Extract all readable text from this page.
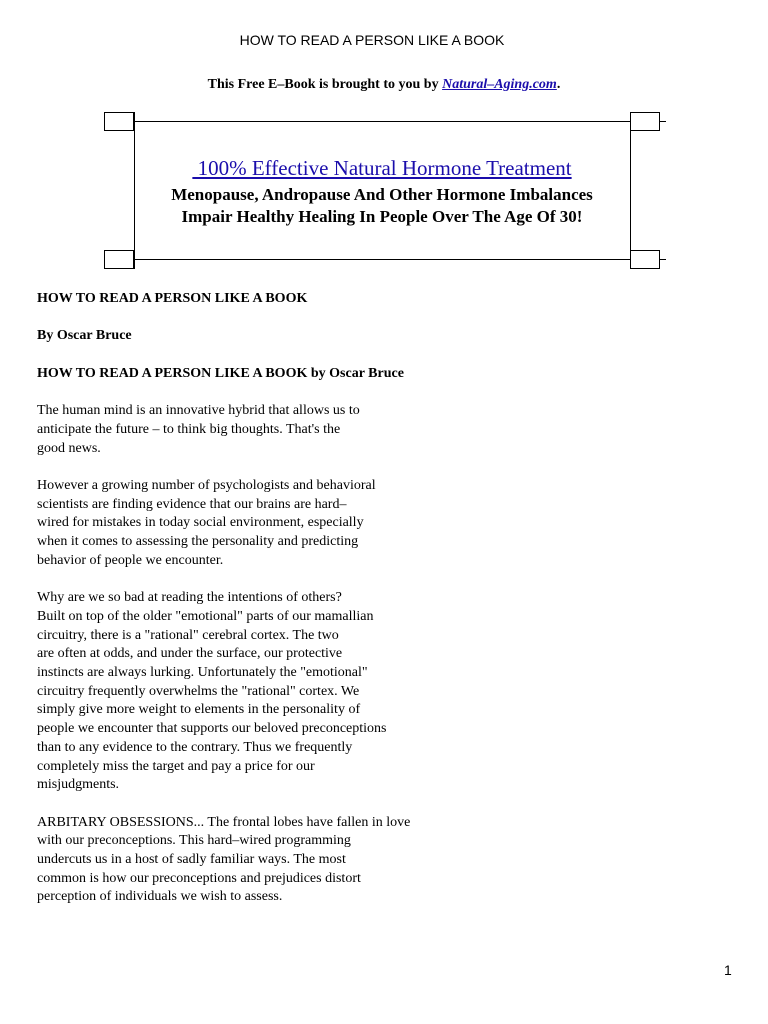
HOW TO READ A PERSON LIKE A BOOK
This Free E–Book is brought to you by Natural–Aging.com.
100% Effective Natural Hormone Treatment
Menopause, Andropause And Other Hormone Imbalances
Impair Healthy Healing In People Over The Age Of 30!
HOW TO READ A PERSON LIKE A BOOK
By Oscar Bruce
HOW TO READ A PERSON LIKE A BOOK by Oscar Bruce
The human mind is an innovative hybrid that allows us to
anticipate the future – to think big thoughts. That's the
good news.
However a growing number of psychologists and behavioral
scientists are finding evidence that our brains are hard–
wired for mistakes in today social environment, especially
when it comes to assessing the personality and predicting
behavior of people we encounter.
Why are we so bad at reading the intentions of others?
Built on top of the older "emotional" parts of our mamallian
circuitry, there is a "rational" cerebral cortex. The two
are often at odds, and under the surface, our protective
instincts are always lurking. Unfortunately the "emotional"
circuitry frequently overwhelms the "rational" cortex. We
simply give more weight to elements in the personality of
people we encounter that supports our beloved preconceptions
than to any evidence to the contrary. Thus we frequently
completely miss the target and pay a price for our
misjudgments.
ARBITARY OBSESSIONS... The frontal lobes have fallen in love
with our preconceptions. This hard–wired programming
undercuts us in a host of sadly familiar ways. The most
common is how our preconceptions and prejudices distort
perception of individuals we wish to assess.
1
